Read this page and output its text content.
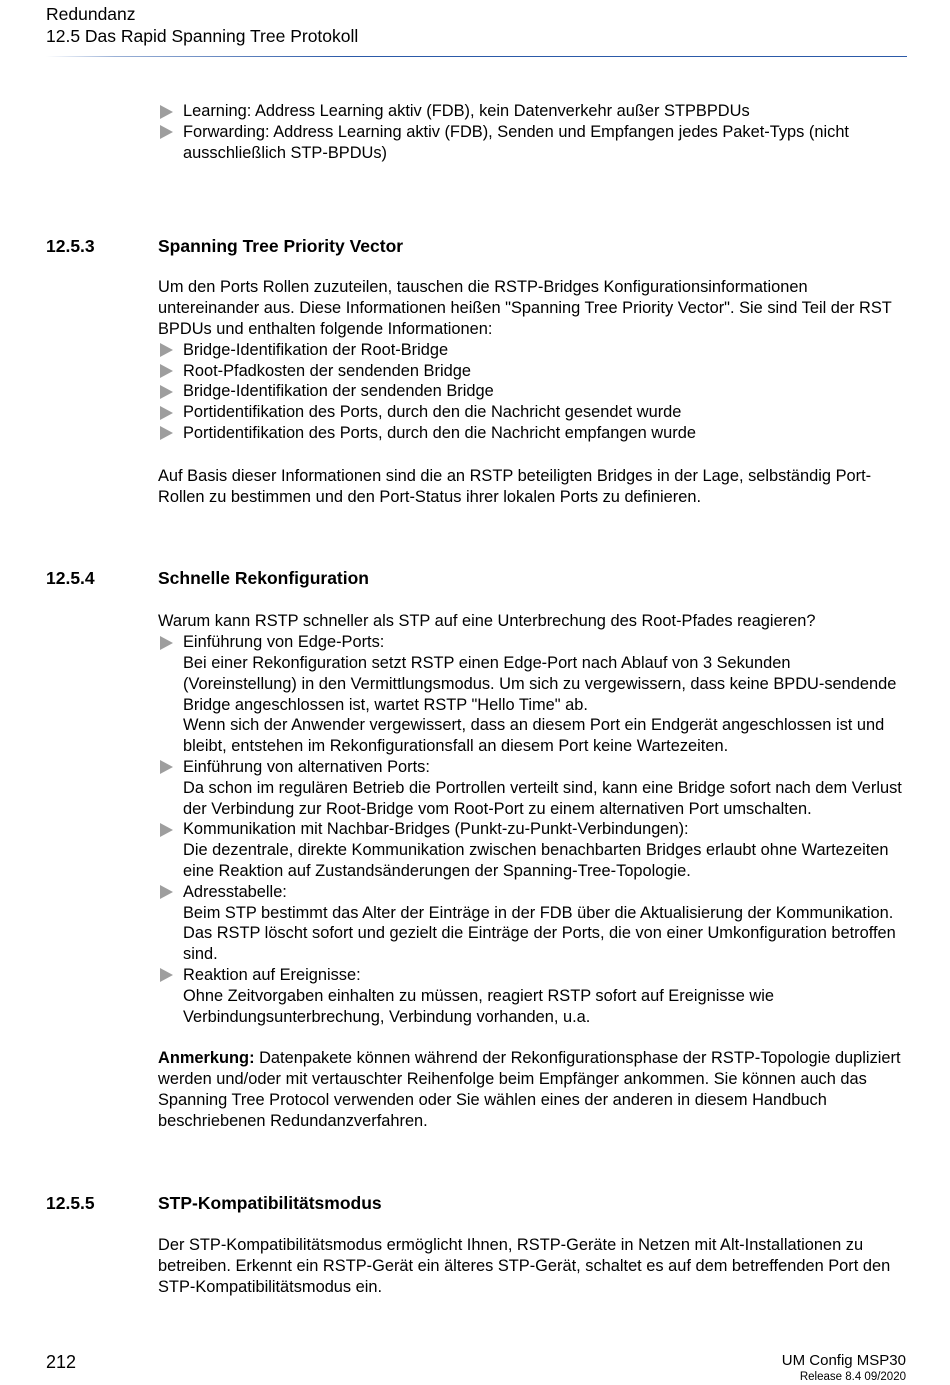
Redundanz
12.5 Das Rapid Spanning Tree Protokoll
Learning: Address Learning aktiv (FDB), kein Datenverkehr außer STPBPDUs
Forwarding: Address Learning aktiv (FDB), Senden und Empfangen jedes Paket-Typs (nicht ausschließlich STP-BPDUs)
12.5.3	Spanning Tree Priority Vector

Um den Ports Rollen zuzuteilen, tauschen die RSTP-Bridges Konfigurationsinformationen untereinander aus. Diese Informationen heißen "Spanning Tree Priority Vector". Sie sind Teil der RST BPDUs und enthalten folgende Informationen:

Bridge-Identifikation der Root-Bridge
Root-Pfadkosten der sendenden Bridge
Bridge-Identifikation der sendenden Bridge
Portidentifikation des Ports, durch den die Nachricht gesendet wurde
Portidentifikation des Ports, durch den die Nachricht empfangen wurde

Auf Basis dieser Informationen sind die an RSTP beteiligten Bridges in der Lage, selbständig Port-Rollen zu bestimmen und den Port-Status ihrer lokalen Ports zu definieren.

12.5.4	Schnelle Rekonfiguration

Warum kann RSTP schneller als STP auf eine Unterbrechung des Root-Pfades reagieren?

Einführung von Edge-Ports:
Bei einer Rekonfiguration setzt RSTP einen Edge-Port nach Ablauf von 3 Sekunden (Voreinstellung) in den Vermittlungsmodus. Um sich zu vergewissern, dass keine BPDU-sendende Bridge angeschlossen ist, wartet RSTP "Hello Time" ab.
Wenn sich der Anwender vergewissert, dass an diesem Port ein Endgerät angeschlossen ist und bleibt, entstehen im Rekonfigurationsfall an diesem Port keine Wartezeiten.
Einführung von alternativen Ports:
Da schon im regulären Betrieb die Portrollen verteilt sind, kann eine Bridge sofort nach dem Verlust der Verbindung zur Root-Bridge vom Root-Port zu einem alternativen Port umschalten.
Kommunikation mit Nachbar-Bridges (Punkt-zu-Punkt-Verbindungen):
Die dezentrale, direkte Kommunikation zwischen benachbarten Bridges erlaubt ohne Wartezeiten eine Reaktion auf Zustandsänderungen der Spanning-Tree-Topologie.
Adresstabelle:
Beim STP bestimmt das Alter der Einträge in der FDB über die Aktualisierung der Kommunikation. Das RSTP löscht sofort und gezielt die Einträge der Ports, die von einer Umkonfiguration betroffen sind.
Reaktion auf Ereignisse:
Ohne Zeitvorgaben einhalten zu müssen, reagiert RSTP sofort auf Ereignisse wie Verbindungsunterbrechung, Verbindung vorhanden, u.a.

Anmerkung: Datenpakete können während der Rekonfigurationsphase der RSTP-Topologie dupliziert werden und/oder mit vertauschter Reihenfolge beim Empfänger ankommen. Sie können auch das Spanning Tree Protocol verwenden oder Sie wählen eines der anderen in diesem Handbuch beschriebenen Redundanzverfahren.

12.5.5	STP-Kompatibilitätsmodus

Der STP-Kompatibilitätsmodus ermöglicht Ihnen, RSTP-Geräte in Netzen mit Alt-Installationen zu betreiben. Erkennt ein RSTP-Gerät ein älteres STP-Gerät, schaltet es auf dem betreffenden Port den STP-Kompatibilitätsmodus ein.

212	UM Config MSP30
Release 8.4 09/2020
